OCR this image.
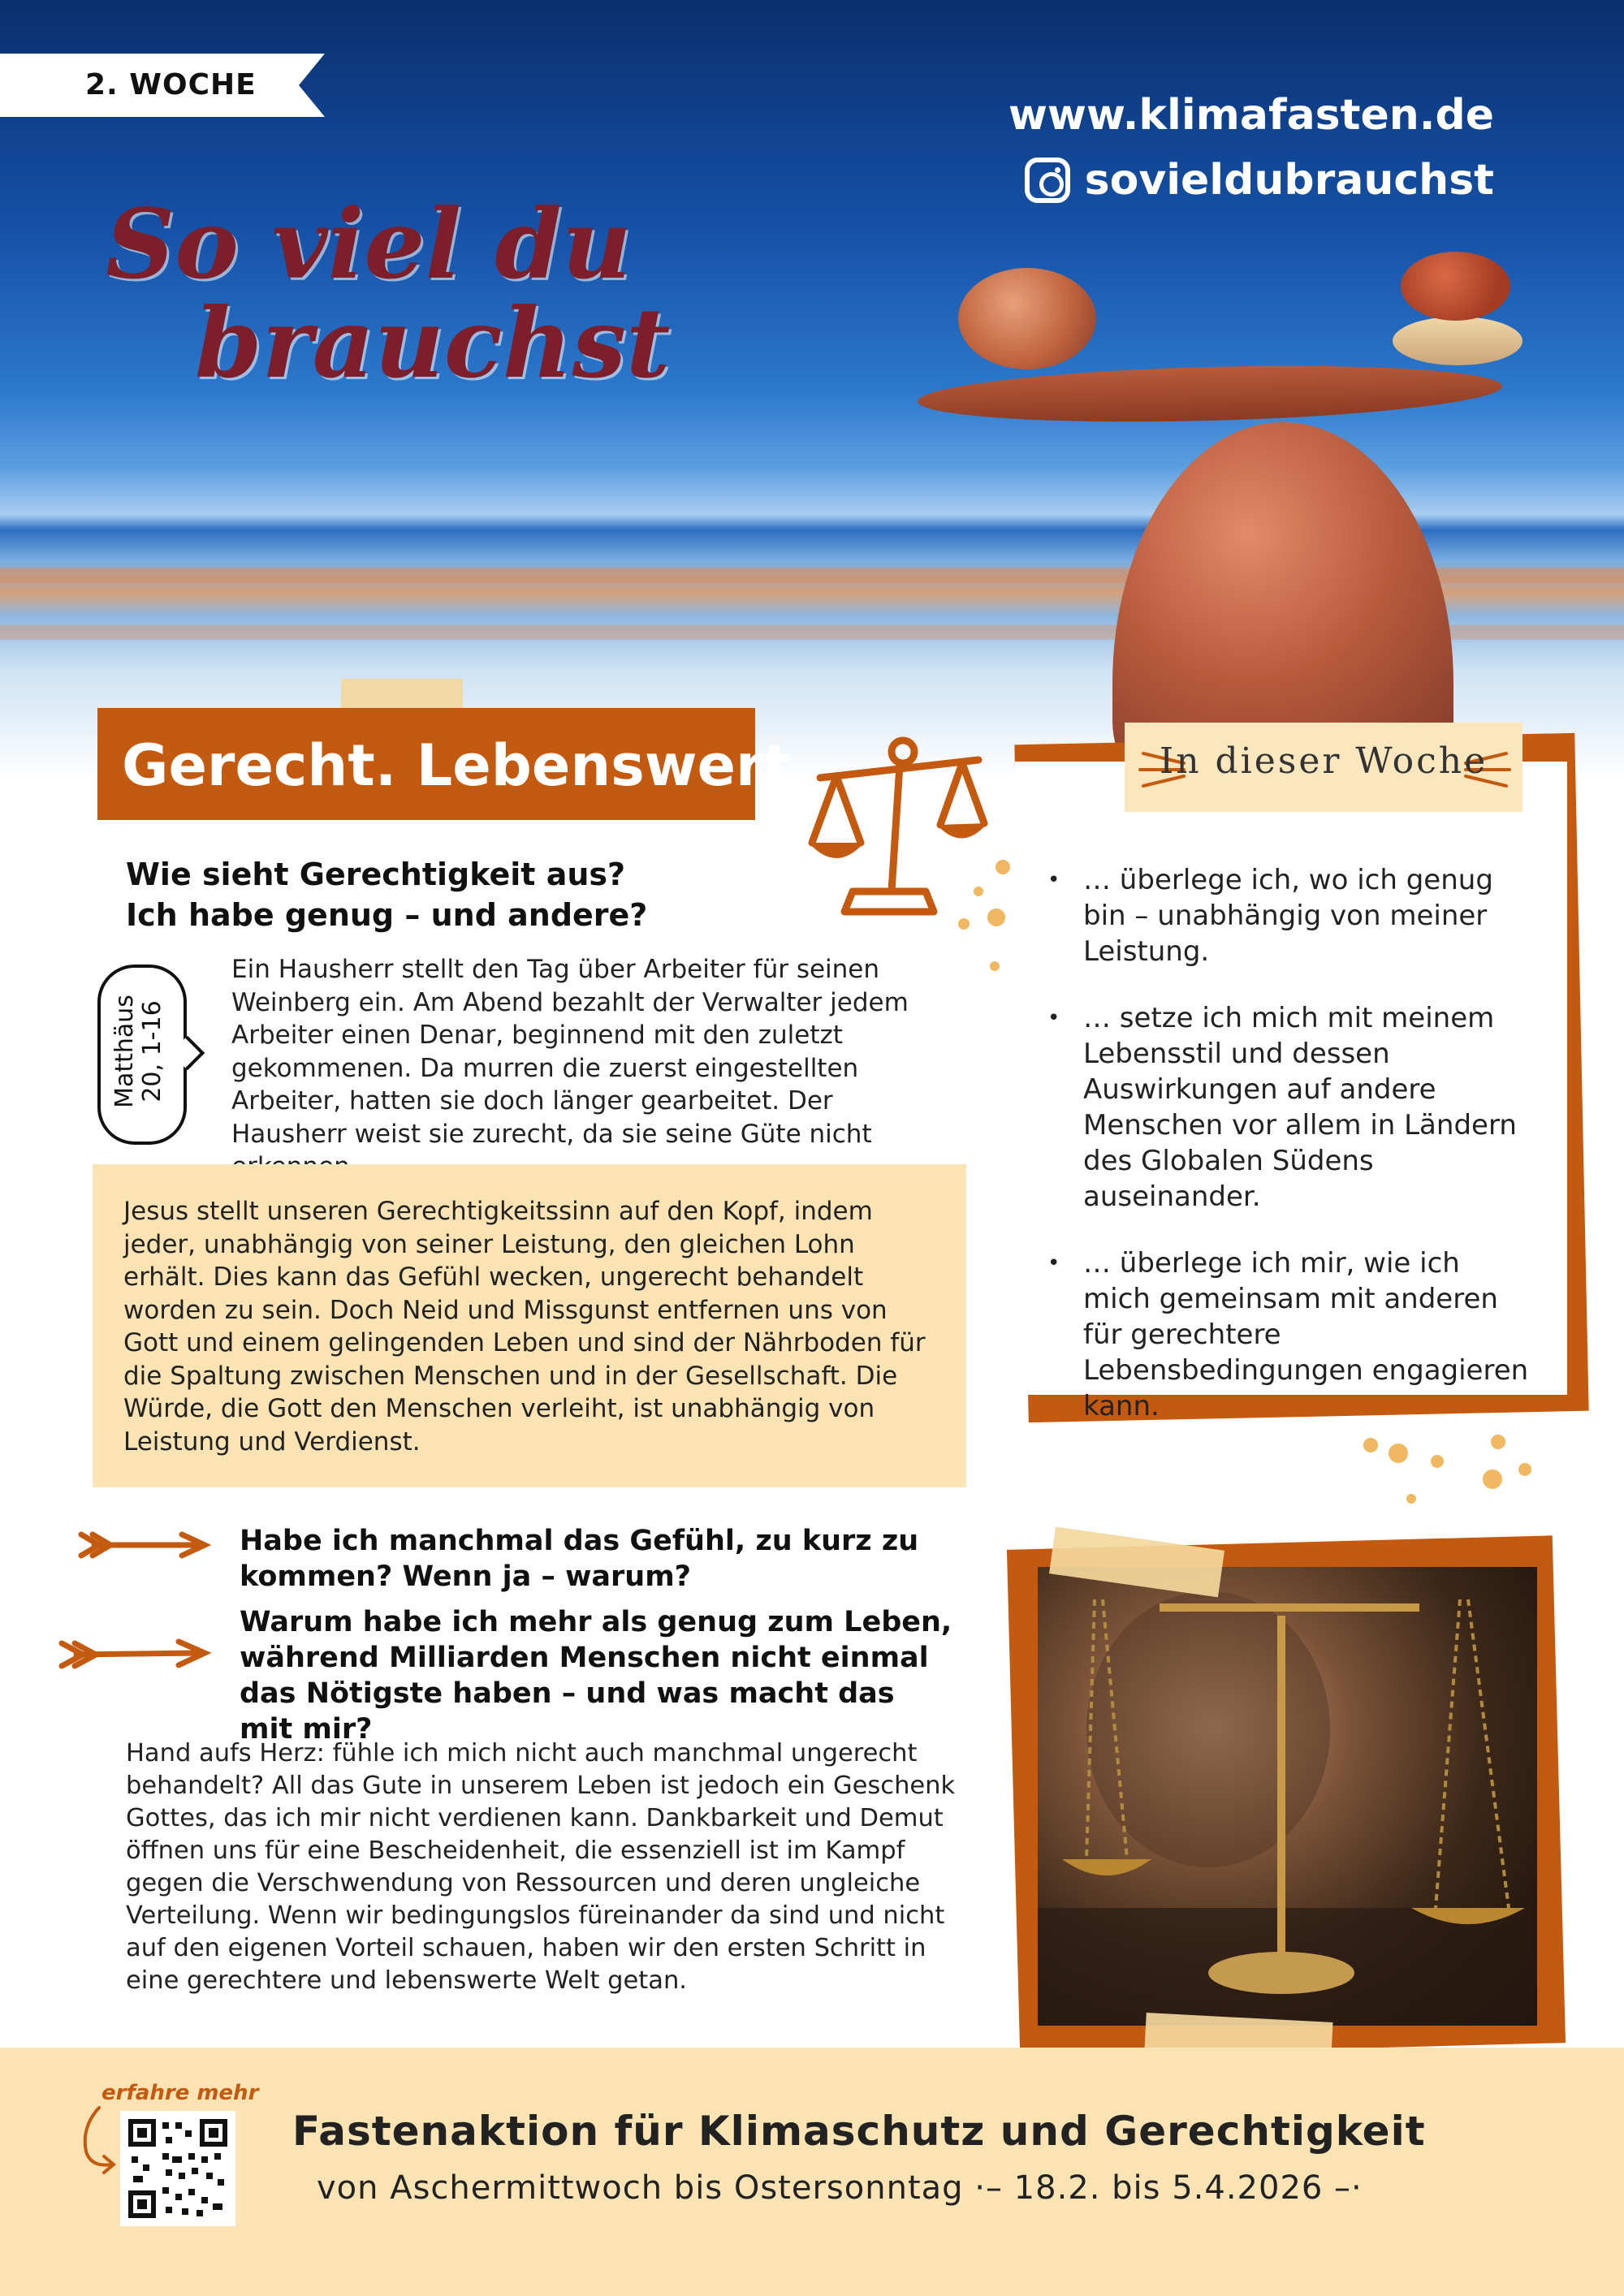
2. WOCHE
www.klimafasten.de
sovieldubrauchst
So viel du
brauchst
Gerecht. Lebenswert.	In dieser Woche
• … überlege ich, wo ich genug bin – unabhängig von meiner Leistung.
• … setze ich mich mit meinem Lebensstil und dessen Auswirkungen auf andere Menschen vor allem in Ländern des Globalen Südens auseinander.
• … überlege ich mir, wie ich mich gemeinsam mit anderen für gerechtere Lebensbedingungen engagieren kann.
Wie sieht Gerechtigkeit aus?
Ich habe genug – und andere?
Matthäus
20, 1-16
Ein Hausherr stellt den Tag über Arbeiter für seinen Weinberg ein. Am Abend bezahlt der Verwalter jedem Arbeiter einen Denar, beginnend mit den zuletzt gekommenen. Da murren die zuerst eingestellten Arbeiter, hatten sie doch länger gearbeitet. Der Hausherr weist sie zurecht, da sie seine Güte nicht
Jesus stellt unseren Gerechtigkeitssinn auf den Kopf, indem jeder, unabhängig von seiner Leistung, den gleichen Lohn erhält. Dies kann das Gefühl wecken, ungerecht behandelt worden zu sein. Doch Neid und Missgunst entfernen uns von Gott und einem gelingenden Leben und sind der Nährboden für die Spaltung zwischen Menschen und in der Gesellschaft. Die Würde, die Gott den Menschen verleiht, ist unabhängig von Leistung und Verdienst.
Habe ich manchmal das Gefühl, zu kurz zu kommen? Wenn ja – warum?
Warum habe ich mehr als genug zum Leben, während Milliarden Menschen nicht einmal das Nötigste haben – und was macht das mit mir?
Hand aufs Herz: fühle ich mich nicht auch manchmal ungerecht behandelt? All das Gute in unserem Leben ist jedoch ein Geschenk Gottes, das ich mir nicht verdienen kann. Dankbarkeit und Demut öffnen uns für eine Bescheidenheit, die essenziell ist im Kampf gegen die Verschwendung von Ressourcen und deren ungleiche Verteilung. Wenn wir bedingungslos füreinander da sind und nicht auf den eigenen Vorteil schauen, haben wir den ersten Schritt in eine gerechtere und lebenswerte Welt getan.
erfahre mehr
Fastenaktion für Klimaschutz und Gerechtigkeit
von Aschermittwoch bis Ostersonntag ·– 18.2. bis 5.4.2026 –·
